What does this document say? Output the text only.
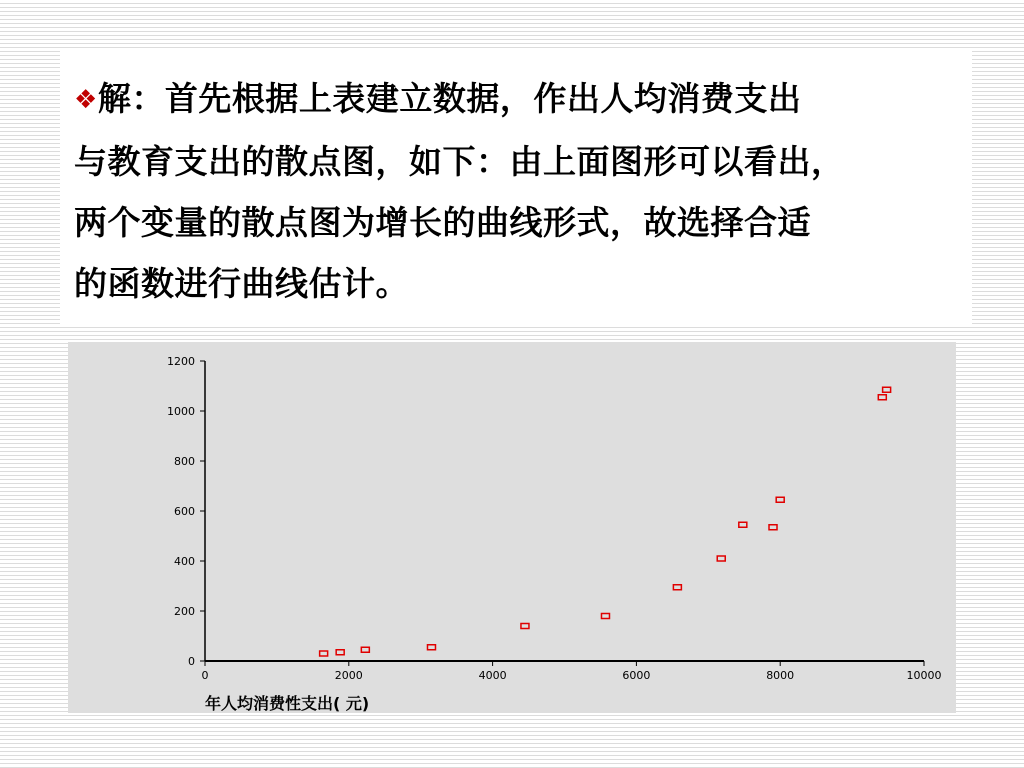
❖解：首先根据上表建立数据，作出人均消费支出
与教育支出的散点图，如下：由上面图形可以看出，
两个变量的散点图为增长的曲线形式，故选择合适
的函数进行曲线估计。

0
200
400
600
800
1000
1200
0	2000	4000	6000	8000	10000
年人均消费性支出( 元)
